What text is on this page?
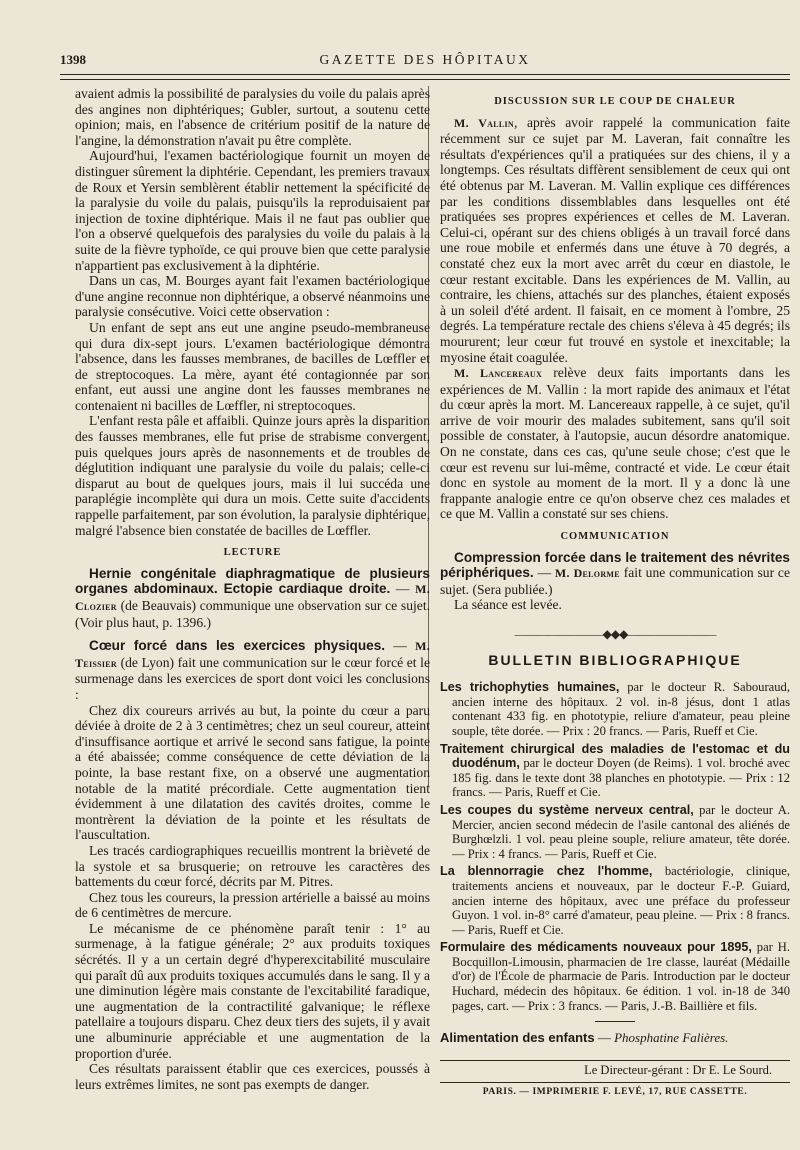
1398	GAZETTE DES HÔPITAUX

avaient admis la possibilité de paralysies du voile du palais après des angines non diphtériques; Gubler, surtout, a soutenu cette opinion; mais, en l'absence de critérium positif de la nature de l'angine, la démonstration n'avait pu être complète.

Aujourd'hui, l'examen bactériologique fournit un moyen de distinguer sûrement la diphtérie. Cependant, les premiers travaux de Roux et Yersin semblèrent établir nettement la spécificité de la paralysie du voile du palais, puisqu'ils la reproduisaient par injection de toxine diphtérique. Mais il ne faut pas oublier que l'on a observé quelquefois des paralysies du voile du palais à la suite de la fièvre typhoïde, ce qui prouve bien que cette paralysie n'appartient pas exclusivement à la diphtérie.

Dans un cas, M. Bourges ayant fait l'examen bactériologique d'une angine reconnue non diphtérique, a observé néanmoins une paralysie consécutive. Voici cette observation :

Un enfant de sept ans eut une angine pseudo-membraneuse qui dura dix-sept jours. L'examen bactériologique démontra l'absence, dans les fausses membranes, de bacilles de Lœffler et de streptocoques. La mère, ayant été contagionnée par son enfant, eut aussi une angine dont les fausses membranes ne contenaient ni bacilles de Lœffler, ni streptocoques.

L'enfant resta pâle et affaibli. Quinze jours après la disparition des fausses membranes, elle fut prise de strabisme convergent, puis quelques jours après de nasonnements et de troubles de déglutition indiquant une paralysie du voile du palais; celle-ci disparut au bout de quelques jours, mais il lui succéda une paraplégie incomplète qui dura un mois. Cette suite d'accidents rappelle parfaitement, par son évolution, la paralysie diphtérique, malgré l'absence bien constatée de bacilles de Lœffler.

LECTURE

Hernie congénitale diaphragmatique de plusieurs organes abdominaux. Ectopie cardiaque droite. — M. Clozier (de Beauvais) communique une observation sur ce sujet. (Voir plus haut, p. 1396.)

Cœur forcé dans les exercices physiques. — M. Teissier (de Lyon) fait une communication sur le cœur forcé et le surmenage dans les exercices de sport dont voici les conclusions :

Chez dix coureurs arrivés au but, la pointe du cœur a paru déviée à droite de 2 à 3 centimètres; chez un seul coureur, atteint d'insuffisance aortique et arrivé le second sans fatigue, la pointe a été abaissée; comme conséquence de cette déviation de la pointe, la base restant fixe, on a observé une augmentation notable de la matité précordiale. Cette augmentation tient évidemment à une dilatation des cavités droites, comme le montrèrent la déviation de la pointe et les résultats de l'auscultation.

Les tracés cardiographiques recueillis montrent la brièveté de la systole et sa brusquerie; on retrouve les caractères des battements du cœur forcé, décrits par M. Pitres.

Chez tous les coureurs, la pression artérielle a baissé au moins de 6 centimètres de mercure.

Le mécanisme de ce phénomène paraît tenir : 1° au surmenage, à la fatigue générale; 2° aux produits toxiques sécrétés. Il y a un certain degré d'hyperexcitabilité musculaire qui paraît dû aux produits toxiques accumulés dans le sang. Il y a une diminution légère mais constante de l'excitabilité faradique, une augmentation de la contractilité galvanique; le réflexe patellaire a toujours disparu. Chez deux tiers des sujets, il y avait une albuminurie appréciable et une augmentation de la proportion d'urée.

Ces résultats paraissent établir que ces exercices, poussés à leurs extrêmes limites, ne sont pas exempts de danger.

DISCUSSION SUR LE COUP DE CHALEUR

M. Vallin, après avoir rappelé la communication faite récemment sur ce sujet par M. Laveran, fait connaître les résultats d'expériences qu'il a pratiquées sur des chiens, il y a longtemps. Ces résultats diffèrent sensiblement de ceux qui ont été obtenus par M. Laveran. M. Vallin explique ces différences par les conditions dissemblables dans lesquelles ont été pratiquées ses propres expériences et celles de M. Laveran. Celui-ci, opérant sur des chiens obligés à un travail forcé dans une roue mobile et enfermés dans une étuve à 70 degrés, a constaté chez eux la mort avec arrêt du cœur en diastole, le cœur restant excitable. Dans les expériences de M. Vallin, au contraire, les chiens, attachés sur des planches, étaient exposés à un soleil d'été ardent. Il faisait, en ce moment à l'ombre, 25 degrés. La température rectale des chiens s'éleva à 45 degrés; ils moururent; leur cœur fut trouvé en systole et inexcitable; la myosine était coagulée.

M. Lancereaux relève deux faits importants dans les expériences de M. Vallin : la mort rapide des animaux et l'état du cœur après la mort. M. Lancereaux rappelle, à ce sujet, qu'il arrive de voir mourir des malades subitement, sans qu'il soit possible de constater, à l'autopsie, aucun désordre anatomique. On ne constate, dans ces cas, qu'une seule chose; c'est que le cœur est revenu sur lui-même, contracté et vide. Le cœur était donc en systole au moment de la mort. Il y a donc là une frappante analogie entre ce qu'on observe chez ces malades et ce que M. Vallin a constaté sur ses chiens.

COMMUNICATION

Compression forcée dans le traitement des névrites périphériques. — M. Delorme fait une communication sur ce sujet. (Sera publiée.)

La séance est levée.

————————◆◆◆————————
BULLETIN BIBLIOGRAPHIQUE

Les trichophyties humaines, par le docteur R. Sabouraud, ancien interne des hôpitaux. 2 vol. in-8 jésus, dont 1 atlas contenant 433 fig. en phototypie, reliure d'amateur, peau pleine souple, tête dorée. — Prix : 20 francs. — Paris, Rueff et Cie.

Traitement chirurgical des maladies de l'estomac et du duodénum, par le docteur Doyen (de Reims). 1 vol. broché avec 185 fig. dans le texte dont 38 planches en phototypie. — Prix : 12 francs. — Paris, Rueff et Cie.

Les coupes du système nerveux central, par le docteur A. Mercier, ancien second médecin de l'asile cantonal des aliénés de Burghœlzli. 1 vol. peau pleine souple, reliure amateur, tête dorée. — Prix : 4 francs. — Paris, Rueff et Cie.

La blennorragie chez l'homme, bactériologie, clinique, traitements anciens et nouveaux, par le docteur F.-P. Guiard, ancien interne des hôpitaux, avec une préface du professeur Guyon. 1 vol. in-8° carré d'amateur, peau pleine. — Prix : 8 francs. — Paris, Rueff et Cie.

Formulaire des médicaments nouveaux pour 1895, par H. Bocquillon-Limousin, pharmacien de 1re classe, lauréat (Médaille d'or) de l'École de pharmacie de Paris. Introduction par le docteur Huchard, médecin des hôpitaux. 6e édition. 1 vol. in-18 de 340 pages, cart. — Prix : 3 francs. — Paris, J.-B. Baillière et fils.

Alimentation des enfants — Phosphatine Falières.

Le Directeur-gérant : Dr E. Le Sourd.
PARIS. — IMPRIMERIE F. LEVÉ, 17, RUE CASSETTE.
